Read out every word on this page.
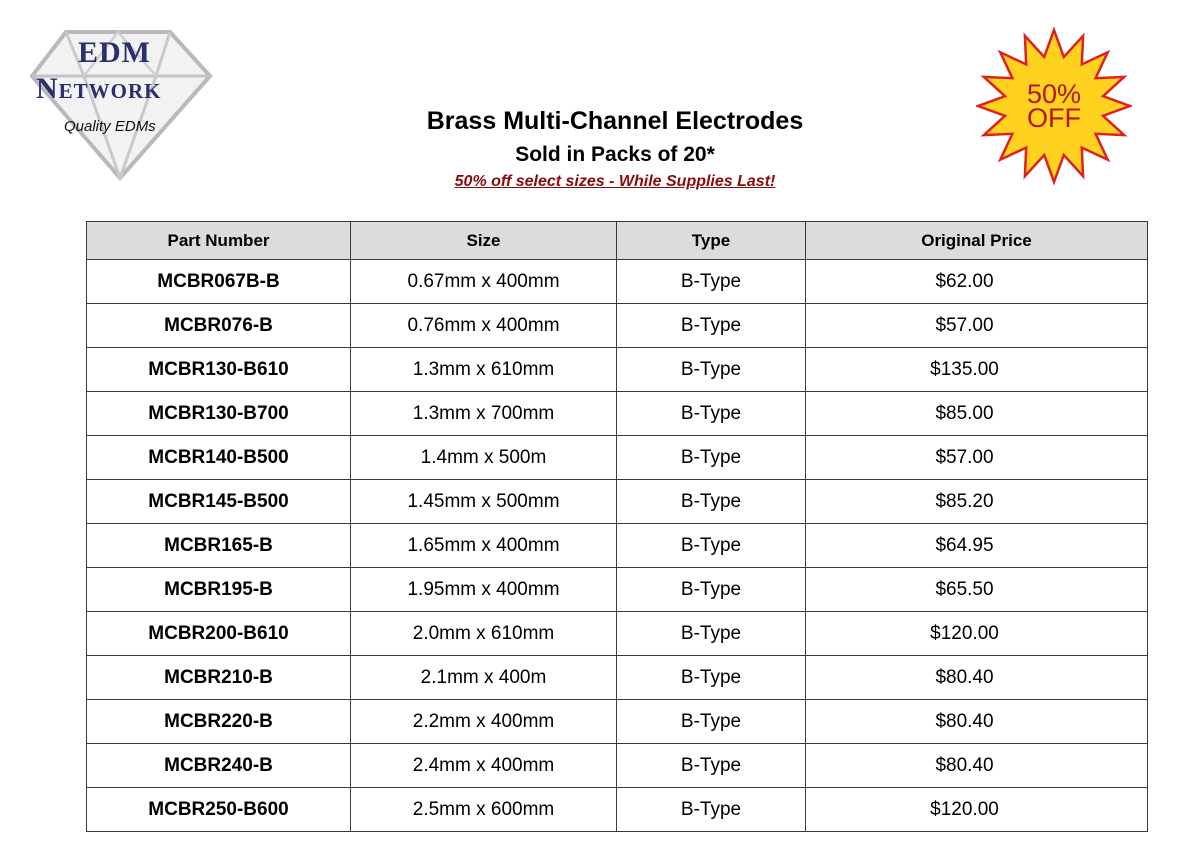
EDM
Network
Quality EDMs	Brass Multi-Channel Electrodes
Sold in Packs of 20*
50% off select sizes - While Supplies Last!
50%
OFF
Part Number	Size	Type	Original Price
MCBR067B-B	0.67mm x 400mm	B-Type	$62.00
MCBR076-B	0.76mm x 400mm	B-Type	$57.00
MCBR130-B610	1.3mm x 610mm	B-Type	$135.00
MCBR130-B700	1.3mm x 700mm	B-Type	$85.00
MCBR140-B500	1.4mm x 500m	B-Type	$57.00
MCBR145-B500	1.45mm x 500mm	B-Type	$85.20
MCBR165-B	1.65mm x 400mm	B-Type	$64.95
MCBR195-B	1.95mm x 400mm	B-Type	$65.50
MCBR200-B610	2.0mm x 610mm	B-Type	$120.00
MCBR210-B	2.1mm x 400m	B-Type	$80.40
MCBR220-B	2.2mm x 400mm	B-Type	$80.40
MCBR240-B	2.4mm x 400mm	B-Type	$80.40
MCBR250-B600	2.5mm x 600mm	B-Type	$120.00
